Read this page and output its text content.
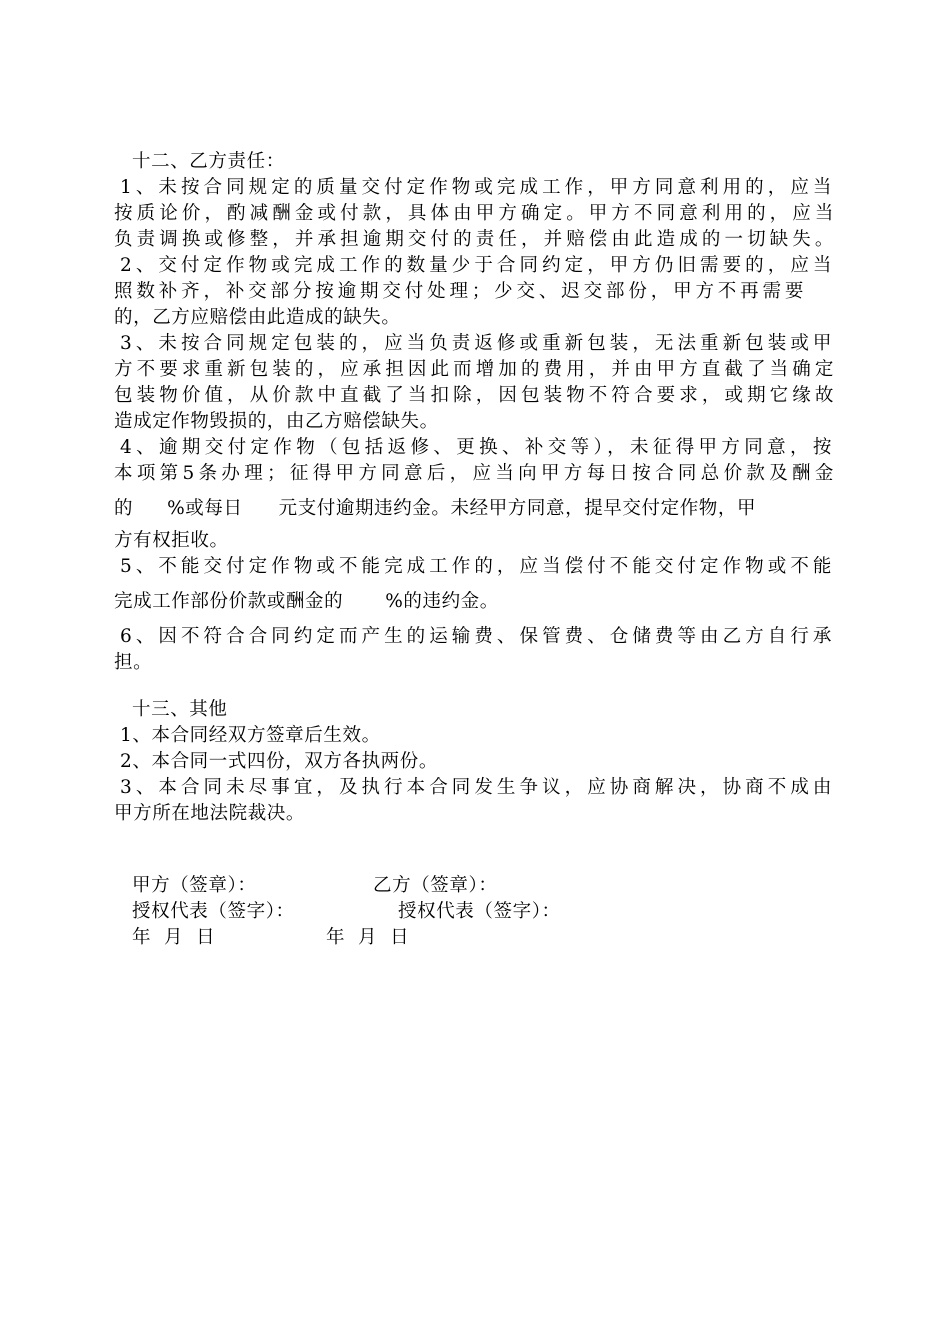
十二、乙方责任：
1、未按合同规定的质量交付定作物或完成工作，甲方同意利用的，应当
按质论价，酌减酬金或付款，具体由甲方确定。甲方不同意利用的，应当
负责调换或修整，并承担逾期交付的责任，并赔偿由此造成的一切缺失。
2、交付定作物或完成工作的数量少于合同约定，甲方仍旧需要的，应当
照数补齐，补交部分按逾期交付处理；少交、迟交部份，甲方不再需要
的，乙方应赔偿由此造成的缺失。
3、未按合同规定包装的，应当负责返修或重新包装，无法重新包装或甲
方不要求重新包装的，应承担因此而增加的费用，并由甲方直截了当确定
包装物价值，从价款中直截了当扣除，因包装物不符合要求，或期它缘故
造成定作物毁损的，由乙方赔偿缺失。
4、逾期交付定作物（包括返修、更换、补交等），未征得甲方同意，按
本项第5条办理；征得甲方同意后，应当向甲方每日按合同总价款及酬金
的 %或每日 元支付逾期违约金。未经甲方同意，提早交付定作物，甲
方有权拒收。
5、不能交付定作物或不能完成工作的，应当偿付不能交付定作物或不能
完成工作部份价款或酬金的 %的违约金。
6、因不符合合同约定而产生的运输费、保管费、仓储费等由乙方自行承
担。
十三、其他
1、本合同经双方签章后生效。
2、本合同一式四份，双方各执两份。
3、本合同未尽事宜，及执行本合同发生争议，应协商解决，协商不成由
甲方所在地法院裁决。
甲方（签章）：	乙方（签章）：
授权代表（签字）：	授权代表（签字）：
年  月  日	年  月  日
